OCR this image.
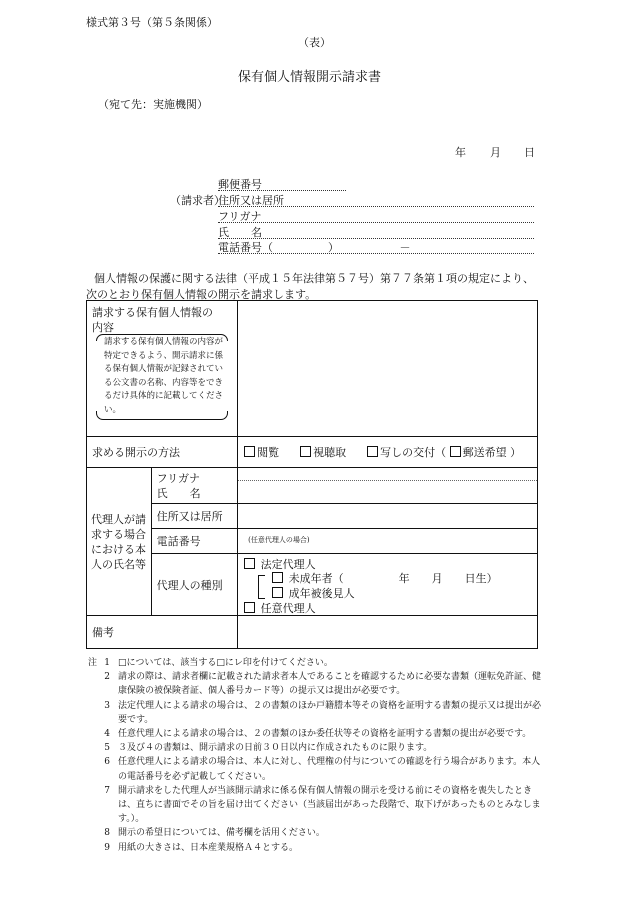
様式第３号（第５条関係）
（表）
保有個人情報開示請求書
（宛て先：実施機関）
年 月 日
（請求者）
郵便番号
住所又は居所
フリガナ
氏　　名
電話番号（　　　　　）　　　　　　－
個人情報の保護に関する法律（平成１５年法律第５７号）第７７条第１項の規定により、
次のとおり保有個人情報の開示を請求します。
請求する保有個人情報の
内容
請求する保有個人情報の内容が特定できるよう、開示請求に係る保有個人情報が記録されている公文書の名称、内容等をできるだけ具体的に記載してください。		

求める開示の方法		閲覧 視聴取 写しの交付（ 郵送希望 ）
代理人が請求する場合における本人の氏名等	フリガナ
氏　　名	

	住所又は居所	
	電話番号	(任意代理人の場合)
	代理人の種別	法定代理人
未成年者（　　　　　年　　月　　日生）
成年被後見人
任意代理人

備考		
注 1 □については、該当する□にレ印を付けてください。
2 請求の際は、請求者欄に記載された請求者本人であることを確認するために必要な書類（運転免許証、健康保険の被保険者証、個人番号カード等）の提示又は提出が必要です。
3 法定代理人による請求の場合は、２の書類のほか戸籍謄本等その資格を証明する書類の提示又は提出が必要です。
4 任意代理人による請求の場合は、２の書類のほか委任状等その資格を証明する書類の提出が必要です。
5 ３及び４の書類は、開示請求の日前３０日以内に作成されたものに限ります。
6 任意代理人による請求の場合は、本人に対し、代理権の付与についての確認を行う場合があります。本人の電話番号を必ず記載してください。
7 開示請求をした代理人が当該開示請求に係る保有個人情報の開示を受ける前にその資格を喪失したときは、直ちに書面でその旨を届け出てください（当該届出があった段階で、取下げがあったものとみなします。）。
8 開示の希望日については、備考欄を活用ください。
9 用紙の大きさは、日本産業規格Ａ４とする。
